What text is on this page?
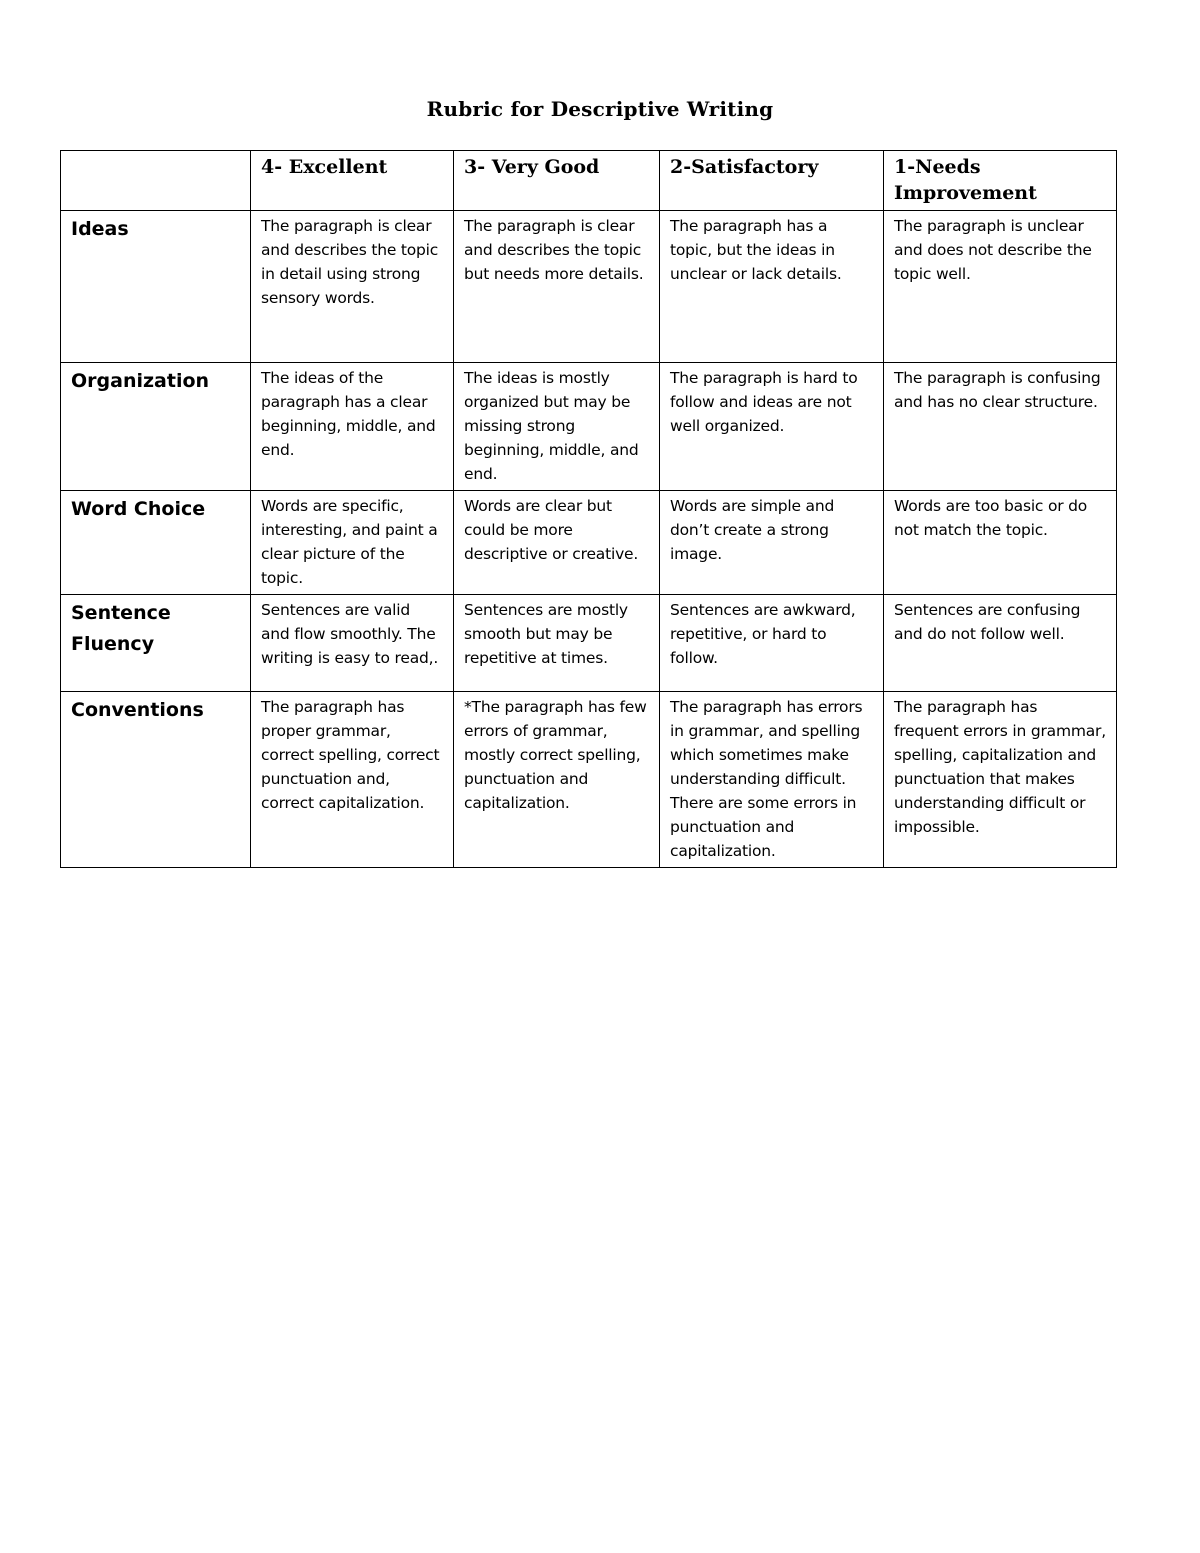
Rubric for Descriptive Writing
	4- Excellent	3- Very Good	2-Satisfactory	1-Needs Improvement
Ideas	The paragraph is clear and describes the topic in detail using strong sensory words.	The paragraph is clear and describes the topic but needs more details.	The paragraph has a topic, but the ideas in unclear or lack details.	The paragraph is unclear and does not describe the topic well.
Organization	The ideas of the paragraph has a clear beginning, middle, and end.	The ideas is mostly organized but may be missing strong beginning, middle, and end.	The paragraph is hard to follow and ideas are not well organized.	The paragraph is confusing and has no clear structure.
Word Choice	Words are specific, interesting, and paint a clear picture of the topic.	Words are clear but could be more descriptive or creative.	Words are simple and don’t create a strong image.	Words are too basic or do not match the topic.
Sentence Fluency	Sentences are valid and flow smoothly. The writing is easy to read,.	Sentences are mostly smooth but may be repetitive at times.	Sentences are awkward, repetitive, or hard to follow.	Sentences are confusing and do not follow well.
Conventions	The paragraph has proper grammar, correct spelling, correct punctuation and, correct capitalization.	*The paragraph has few errors of grammar, mostly correct spelling, punctuation and capitalization.	The paragraph has errors in grammar, and spelling which sometimes make understanding difficult. There are some errors in punctuation and capitalization.	The paragraph has frequent errors in grammar, spelling, capitalization and punctuation that makes understanding difficult or impossible.
